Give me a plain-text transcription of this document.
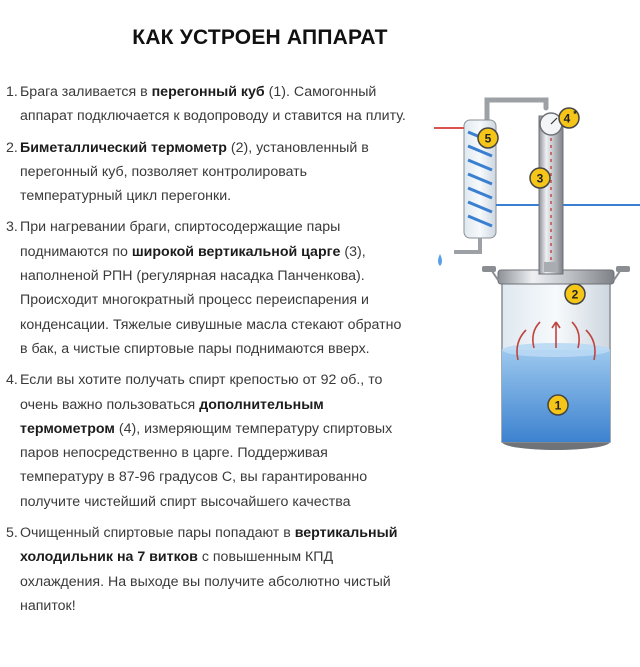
КАК УСТРОЕН АППАРАТ
1. Брага заливается в перегонный куб (1). Самогонный аппарат подключается к водопроводу и ставится на плиту.
2. Биметаллический термометр (2), установленный в перегонный куб, позволяет контролировать температурный цикл перегонки.
3. При нагревании браги, спиртосодержащие пары поднимаются по широкой вертикальной царге (3), наполненой РПН (регулярная насадка Панченкова). Происходит многократный процесс переиспарения и конденсации. Тяжелые сивушные масла стекают обратно в бак, а чистые спиртовые пары поднимаются вверх.
4. Если вы хотите получать спирт крепостью от 92 об., то очень важно пользоваться дополнительным термометром (4), измеряющим температуру спиртовых паров непосредственно в царге. Поддерживая температуру в 87-96 градусов С, вы гарантированно получите чистейший спирт высочайшего качества
5. Очищенный спиртовые пары попадают в вертикальный холодильник на 7 витков с повышенным КПД охлаждения. На выходе вы получите абсолютно чистый напиток!
5
4 *
3
2
1
